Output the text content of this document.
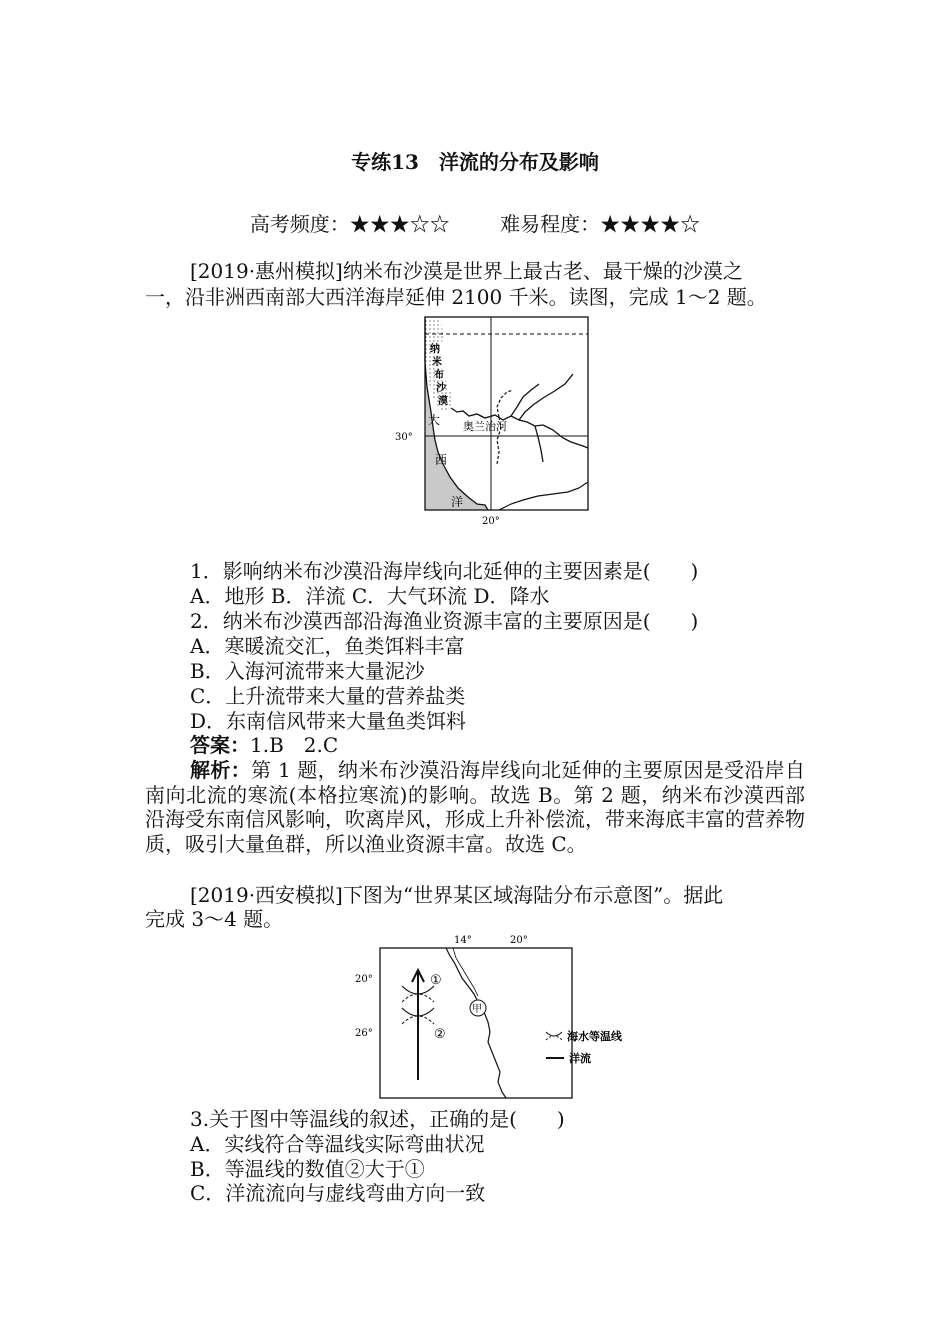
专练13　洋流的分布及影响
高考频度：★★★☆☆	难易程度：★★★★☆
[2019·惠州模拟]纳米布沙漠是世界上最古老、最干燥的沙漠之
一，沿非洲西南部大西洋海岸延伸 2100 千米。读图，完成 1～2 题。
纳
米
布
沙
漠
大
西
洋
奥兰治河
30°
20°
1．影响纳米布沙漠沿海岸线向北延伸的主要因素是(　　)
A．地形 B．洋流 C．大气环流 D．降水
2．纳米布沙漠西部沿海渔业资源丰富的主要原因是(　　)
A．寒暖流交汇，鱼类饵料丰富
B．入海河流带来大量泥沙
C．上升流带来大量的营养盐类
D．东南信风带来大量鱼类饵料
答案：1.B　2.C
解析：第 1 题，纳米布沙漠沿海岸线向北延伸的主要原因是受沿岸自南向北流的寒流(本格拉寒流)的影响。故选 B。第 2 题，纳米布沙漠西部沿海受东南信风影响，吹离岸风，形成上升补偿流，带来海底丰富的营养物质，吸引大量鱼群，所以渔业资源丰富。故选 C。
[2019·西安模拟]下图为“世界某区域海陆分布示意图”。据此
完成 3～4 题。
①
②
甲
14°	20°
20°
26°	海水等温线
洋流
3.关于图中等温线的叙述，正确的是(　　)
A．实线符合等温线实际弯曲状况
B．等温线的数值②大于①
C．洋流流向与虚线弯曲方向一致
